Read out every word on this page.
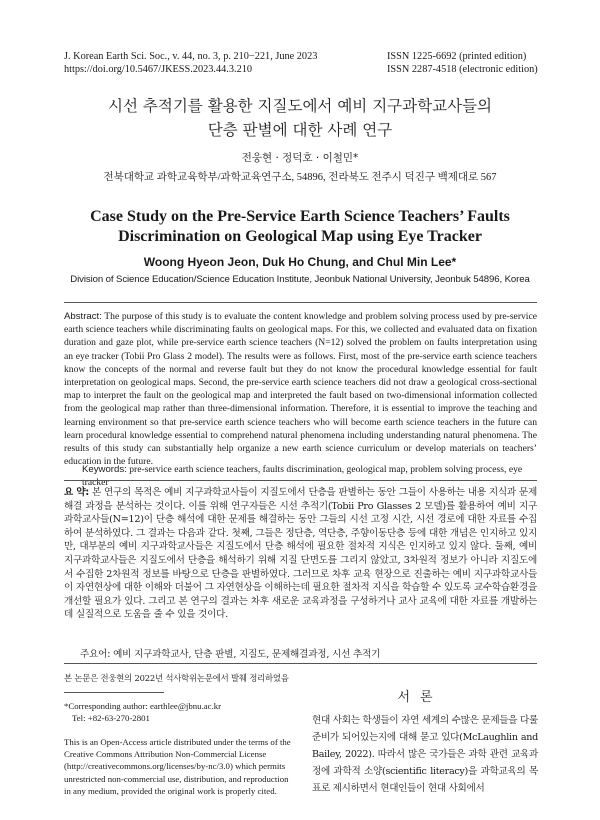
J. Korean Earth Sci. Soc., v. 44, no. 3, p. 210−221, June 2023
https://doi.org/10.5467/JKESS.2023.44.3.210
ISSN 1225-6692 (printed edition)
ISSN 2287-4518 (electronic edition)
시선 추적기를 활용한 지질도에서 예비 지구과학교사들의
단층 판별에 대한 사례 연구
전웅현 · 정덕호 · 이철민*
전북대학교 과학교육학부/과학교육연구소, 54896, 전라북도 전주시 덕진구 백제대로 567
Case Study on the Pre-Service Earth Science Teachers’ Faults
Discrimination on Geological Map using Eye Tracker
Woong Hyeon Jeon, Duk Ho Chung, and Chul Min Lee*
Division of Science Education/Science Education Institute, Jeonbuk National University, Jeonbuk 54896, Korea
Abstract: The purpose of this study is to evaluate the content knowledge and problem solving process used by pre-service earth science teachers while discriminating faults on geological maps. For this, we collected and evaluated data on fixation duration and gaze plot, while pre-service earth science teachers (N=12) solved the problem on faults interpretation using an eye tracker (Tobii Pro Glass 2 model). The results were as follows. First, most of the pre-service earth science teachers know the concepts of the normal and reverse fault but they do not know the procedural knowledge essential for fault interpretation on geological maps. Second, the pre-service earth science teachers did not draw a geological cross-sectional map to interpret the fault on the geological map and interpreted the fault based on two-dimensional information collected from the geological map rather than three-dimensional information. Therefore, it is essential to improve the teaching and learning environment so that pre-service earth science teachers who will become earth science teachers in the future can learn procedural knowledge essential to comprehend natural phenomena including understanding natural phenomena. The results of this study can substantially help organize a new earth science curriculum or develop materials on teachers’ education in the future.
Keywords: pre-service earth science teachers, faults discrimination, geological map, problem solving process, eye tracker
요 약: 본 연구의 목적은 예비 지구과학교사들이 지질도에서 단층을 판별하는 동안 그들이 사용하는 내용 지식과 문제해결 과정을 분석하는 것이다. 이를 위해 연구자들은 시선 추적기(Tobii Pro Glasses 2 모델)를 활용하여 예비 지구과학교사들(N=12)이 단층 해석에 대한 문제를 해결하는 동안 그들의 시선 고정 시간, 시선 경로에 대한 자료를 수집하여 분석하였다. 그 결과는 다음과 같다. 첫째, 그들은 정단층, 역단층, 주향이동단층 등에 대한 개념은 인지하고 있지만, 대부분의 예비 지구과학교사들은 지질도에서 단층 해석에 필요한 절차적 지식은 인지하고 있지 않다. 둘째, 예비 지구과학교사들은 지질도에서 단층을 해석하기 위해 지질 단면도를 그리지 않았고, 3차원적 정보가 아니라 지질도에서 수집한 2차원적 정보를 바탕으로 단층을 판별하였다. 그러므로 차후 교육 현장으로 진출하는 예비 지구과학교사들이 자연현상에 대한 이해와 더불어 그 자연현상을 이해하는데 필요한 절차적 지식을 학습할 수 있도록 교수학습환경을 개선할 필요가 있다. 그리고 본 연구의 결과는 차후 새로운 교육과정을 구성하거나 교사 교육에 대한 자료를 개발하는데 실질적으로 도움을 줄 수 있을 것이다.
주요어: 예비 지구과학교사, 단층 판별, 지질도, 문제해결과정, 시선 추적기
본 논문은 전웅현의 2022년 석사학위논문에서 발췌 정리하였음
*Corresponding author: earthlee@jbnu.ac.kr
Tel: +82-63-270-2801
This is an Open-Access article distributed under the terms of the Creative Commons Attribution Non-Commercial License (http://creativecommons.org/licenses/by-nc/3.0) which permits unrestricted non-commercial use, distribution, and reproduction in any medium, provided the original work is properly cited.
서론
현대 사회는 학생들이 자연 세계의 수많은 문제들을 다룰 준비가 되어있는지에 대해 묻고 있다(McLaughlin and Bailey, 2022). 따라서 많은 국가들은 과학 관련 교육과정에 과학적 소양(scientific literacy)을 과학교육의 목표로 제시하면서 현대인들이 현대 사회에서
